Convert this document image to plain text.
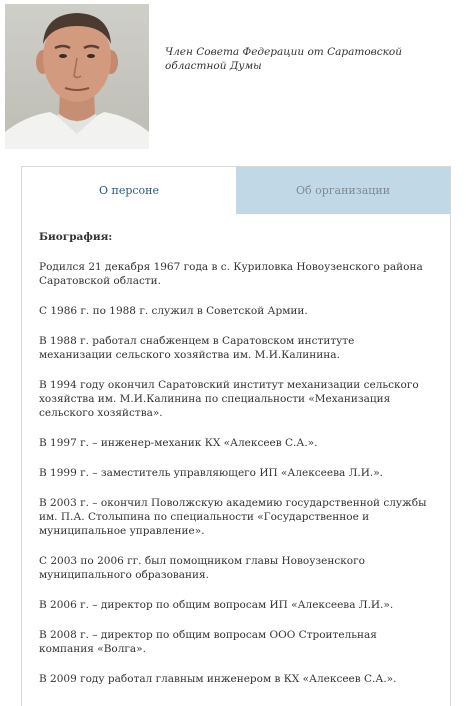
Член Совета Федерации от Саратовской областной Думы
О персоне	Об организации

Биография:

Родился 21 декабря 1967 года в с. Куриловка Новоузенского района Саратовской области.

С 1986 г. по 1988 г. служил в Советской Армии.

В 1988 г. работал снабженцем в Саратовском институте механизации сельского хозяйства им. М.И.Калинина.

В 1994 году окончил Саратовский институт механизации сельского хозяйства им. М.И.Калинина по специальности «Механизация сельского хозяйства».

В 1997 г. – инженер-механик КХ «Алексеев С.А.».

В 1999 г. – заместитель управляющего ИП «Алексеева Л.И.».

В 2003 г. – окончил Поволжскую академию государственной службы им. П.А. Столыпина по специальности «Государственное и муниципальное управление».

С 2003 по 2006 гг. был помощником главы Новоузенского муниципального образования.

В 2006 г. – директор по общим вопросам ИП «Алексеева Л.И.».

В 2008 г. – директор по общим вопросам ООО Строительная компания «Волга».

В 2009 году работал главным инженером в КХ «Алексеев С.А.».
